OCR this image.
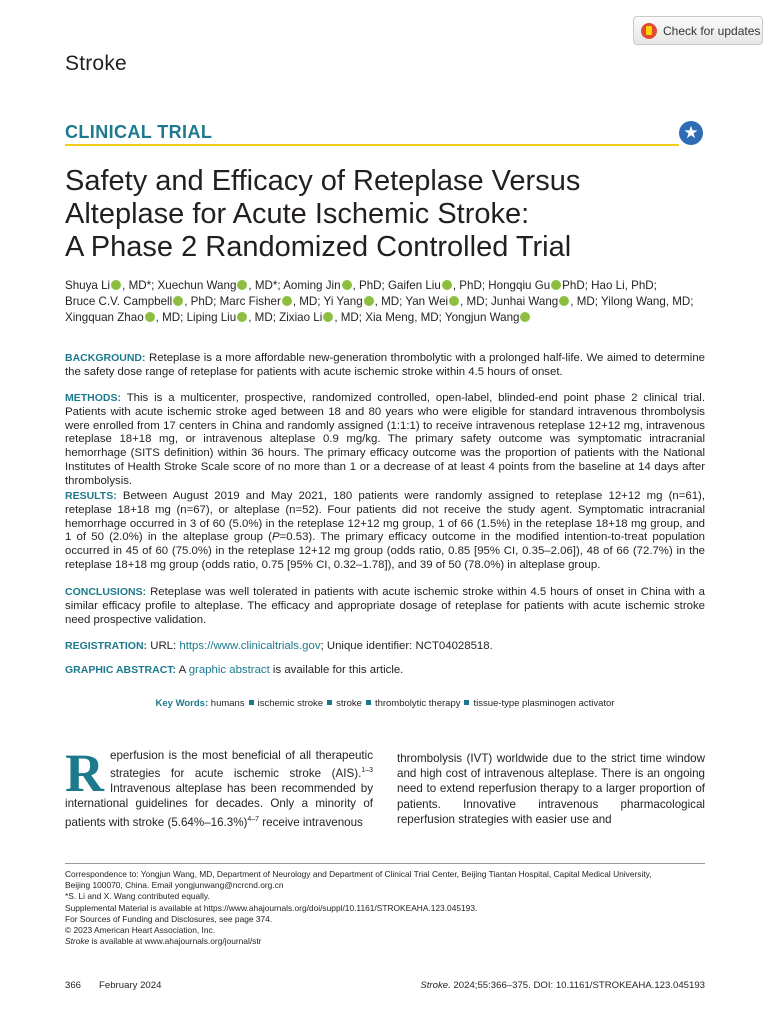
Stroke
Check for updates
CLINICAL TRIAL	★
Safety and Efficacy of Reteplase Versus
Alteplase for Acute Ischemic Stroke:
A Phase 2 Randomized Controlled Trial
Shuya Li , MD*; Xuechun Wang , MD*; Aoming Jin , PhD; Gaifen Liu , PhD; Hongqiu Gu PhD; Hao Li, PhD;
Bruce C.V. Campbell , PhD; Marc Fisher , MD; Yi Yang , MD; Yan Wei , MD; Junhai Wang , MD; Yilong Wang, MD;
Xingquan Zhao , MD; Liping Liu , MD; Zixiao Li , MD; Xia Meng, MD; Yongjun Wang
BACKGROUND: Reteplase is a more affordable new-generation thrombolytic with a prolonged half-life. We aimed to determine the safety dose range of reteplase for patients with acute ischemic stroke within 4.5 hours of onset.
METHODS: This is a multicenter, prospective, randomized controlled, open-label, blinded-end point phase 2 clinical trial. Patients with acute ischemic stroke aged between 18 and 80 years who were eligible for standard intravenous thrombolysis were enrolled from 17 centers in China and randomly assigned (1:1:1) to receive intravenous reteplase 12+12 mg, intravenous reteplase 18+18 mg, or intravenous alteplase 0.9 mg/kg. The primary safety outcome was symptomatic intracranial hemorrhage (SITS definition) within 36 hours. The primary efficacy outcome was the proportion of patients with the National Institutes of Health Stroke Scale score of no more than 1 or a decrease of at least 4 points from the baseline at 14 days after thrombolysis.
RESULTS: Between August 2019 and May 2021, 180 patients were randomly assigned to reteplase 12+12 mg (n=61), reteplase 18+18 mg (n=67), or alteplase (n=52). Four patients did not receive the study agent. Symptomatic intracranial hemorrhage occurred in 3 of 60 (5.0%) in the reteplase 12+12 mg group, 1 of 66 (1.5%) in the reteplase 18+18 mg group, and 1 of 50 (2.0%) in the alteplase group (P=0.53). The primary efficacy outcome in the modified intention-to-treat population occurred in 45 of 60 (75.0%) in the reteplase 12+12 mg group (odds ratio, 0.85 [95% CI, 0.35–2.06]), 48 of 66 (72.7%) in the reteplase 18+18 mg group (odds ratio, 0.75 [95% CI, 0.32–1.78]), and 39 of 50 (78.0%) in alteplase group.
CONCLUSIONS: Reteplase was well tolerated in patients with acute ischemic stroke within 4.5 hours of onset in China with a similar efficacy profile to alteplase. The efficacy and appropriate dosage of reteplase for patients with acute ischemic stroke need prospective validation.
REGISTRATION: URL: https://www.clinicaltrials.gov; Unique identifier: NCT04028518.
GRAPHIC ABSTRACT: A graphic abstract is available for this article.
Key Words: humans ischemic stroke stroke thrombolytic therapy tissue-type plasminogen activator
Reperfusion is the most beneficial of all therapeutic strategies for acute ischemic stroke (AIS).$^{1-3}$ Intravenous alteplase has been recommended by international guidelines for decades. Only a minority of patients with stroke $(5.64\%-16.3\%)^{4-7}$ receive intravenous
thrombolysis (IVT) worldwide due to the strict time window and high cost of intravenous alteplase. There is an ongoing need to extend reperfusion therapy to a larger proportion of patients. Innovative intravenous pharmacological reperfusion strategies with easier use and
Correspondence to: Yongjun Wang, MD, Department of Neurology and Department of Clinical Trial Center, Beijing Tiantan Hospital, Capital Medical University,
Beijing 100070, China. Email yongjunwang@ncrcnd.org.cn
*S. Li and X. Wang contributed equally.
Supplemental Material is available at https://www.ahajournals.org/doi/suppl/10.1161/STROKEAHA.123.045193.
For Sources of Funding and Disclosures, see page 374.
© 2023 American Heart Association, Inc.
Stroke is available at www.ahajournals.org/journal/str
366 February 2024	Stroke. 2024;55:366–375. DOI: 10.1161/STROKEAHA.123.045193
